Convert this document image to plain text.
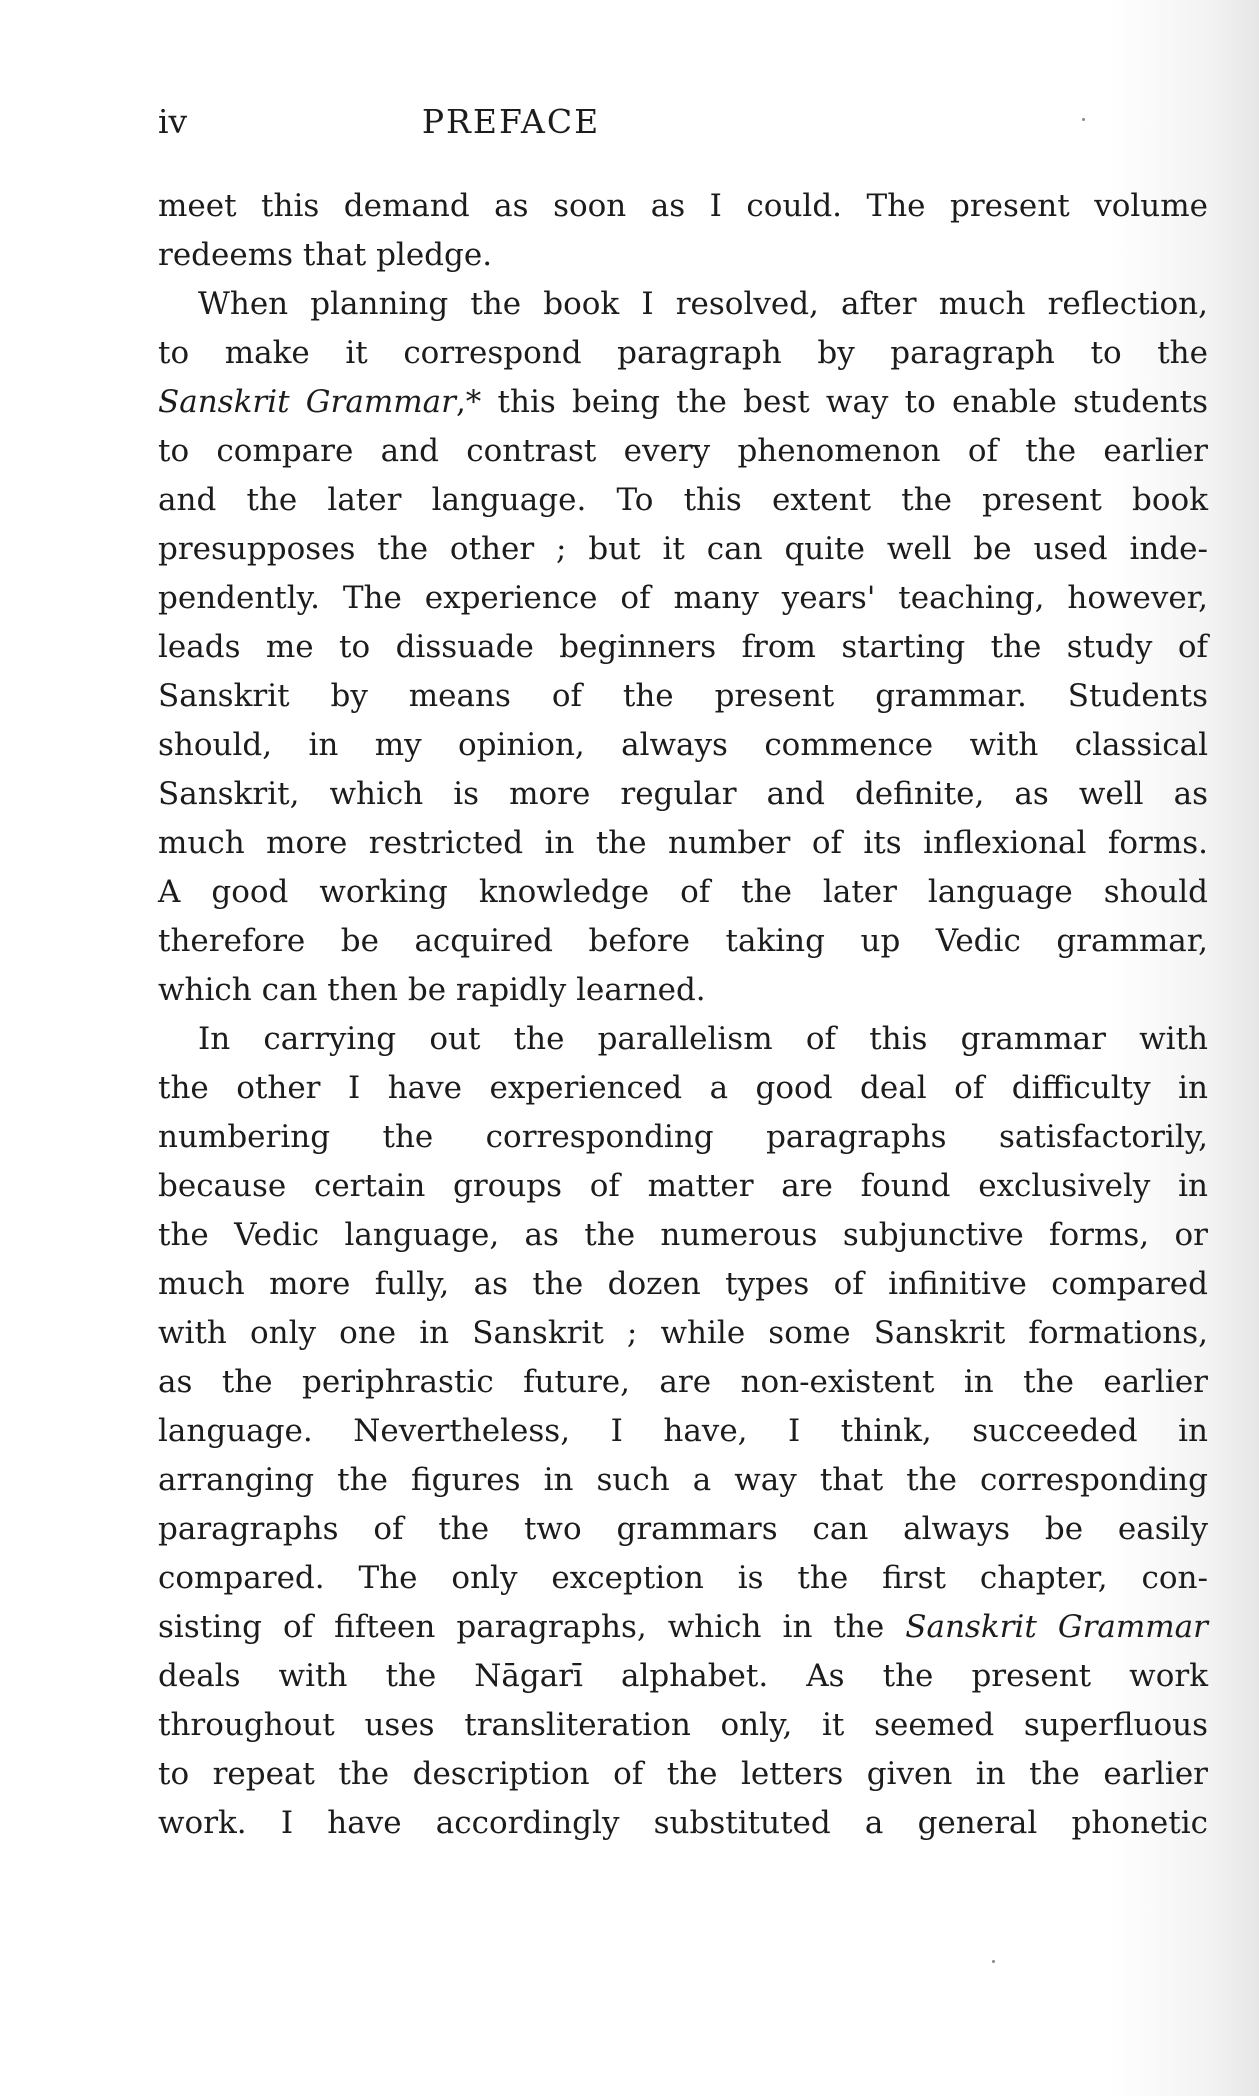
iv	PREFACE
meet this demand as soon as I could. The present volume
redeems that pledge.
When planning the book I resolved, after much reflection,
to make it correspond paragraph by paragraph to the
Sanskrit Grammar,* this being the best way to enable students
to compare and contrast every phenomenon of the earlier
and the later language. To this extent the present book
presupposes the other ; but it can quite well be used inde-
pendently. The experience of many years' teaching, however,
leads me to dissuade beginners from starting the study of
Sanskrit by means of the present grammar. Students
should, in my opinion, always commence with classical
Sanskrit, which is more regular and definite, as well as
much more restricted in the number of its inflexional forms.
A good working knowledge of the later language should
therefore be acquired before taking up Vedic grammar,
which can then be rapidly learned.
In carrying out the parallelism of this grammar with
the other I have experienced a good deal of difficulty in
numbering the corresponding paragraphs satisfactorily,
because certain groups of matter are found exclusively in
the Vedic language, as the numerous subjunctive forms, or
much more fully, as the dozen types of infinitive compared
with only one in Sanskrit ; while some Sanskrit formations,
as the periphrastic future, are non-existent in the earlier
language. Nevertheless, I have, I think, succeeded in
arranging the figures in such a way that the corresponding
paragraphs of the two grammars can always be easily
compared. The only exception is the first chapter, con-
sisting of fifteen paragraphs, which in the Sanskrit Grammar
deals with the Nāgarī alphabet. As the present work
throughout uses transliteration only, it seemed superfluous
to repeat the description of the letters given in the earlier
work. I have accordingly substituted a general phonetic
